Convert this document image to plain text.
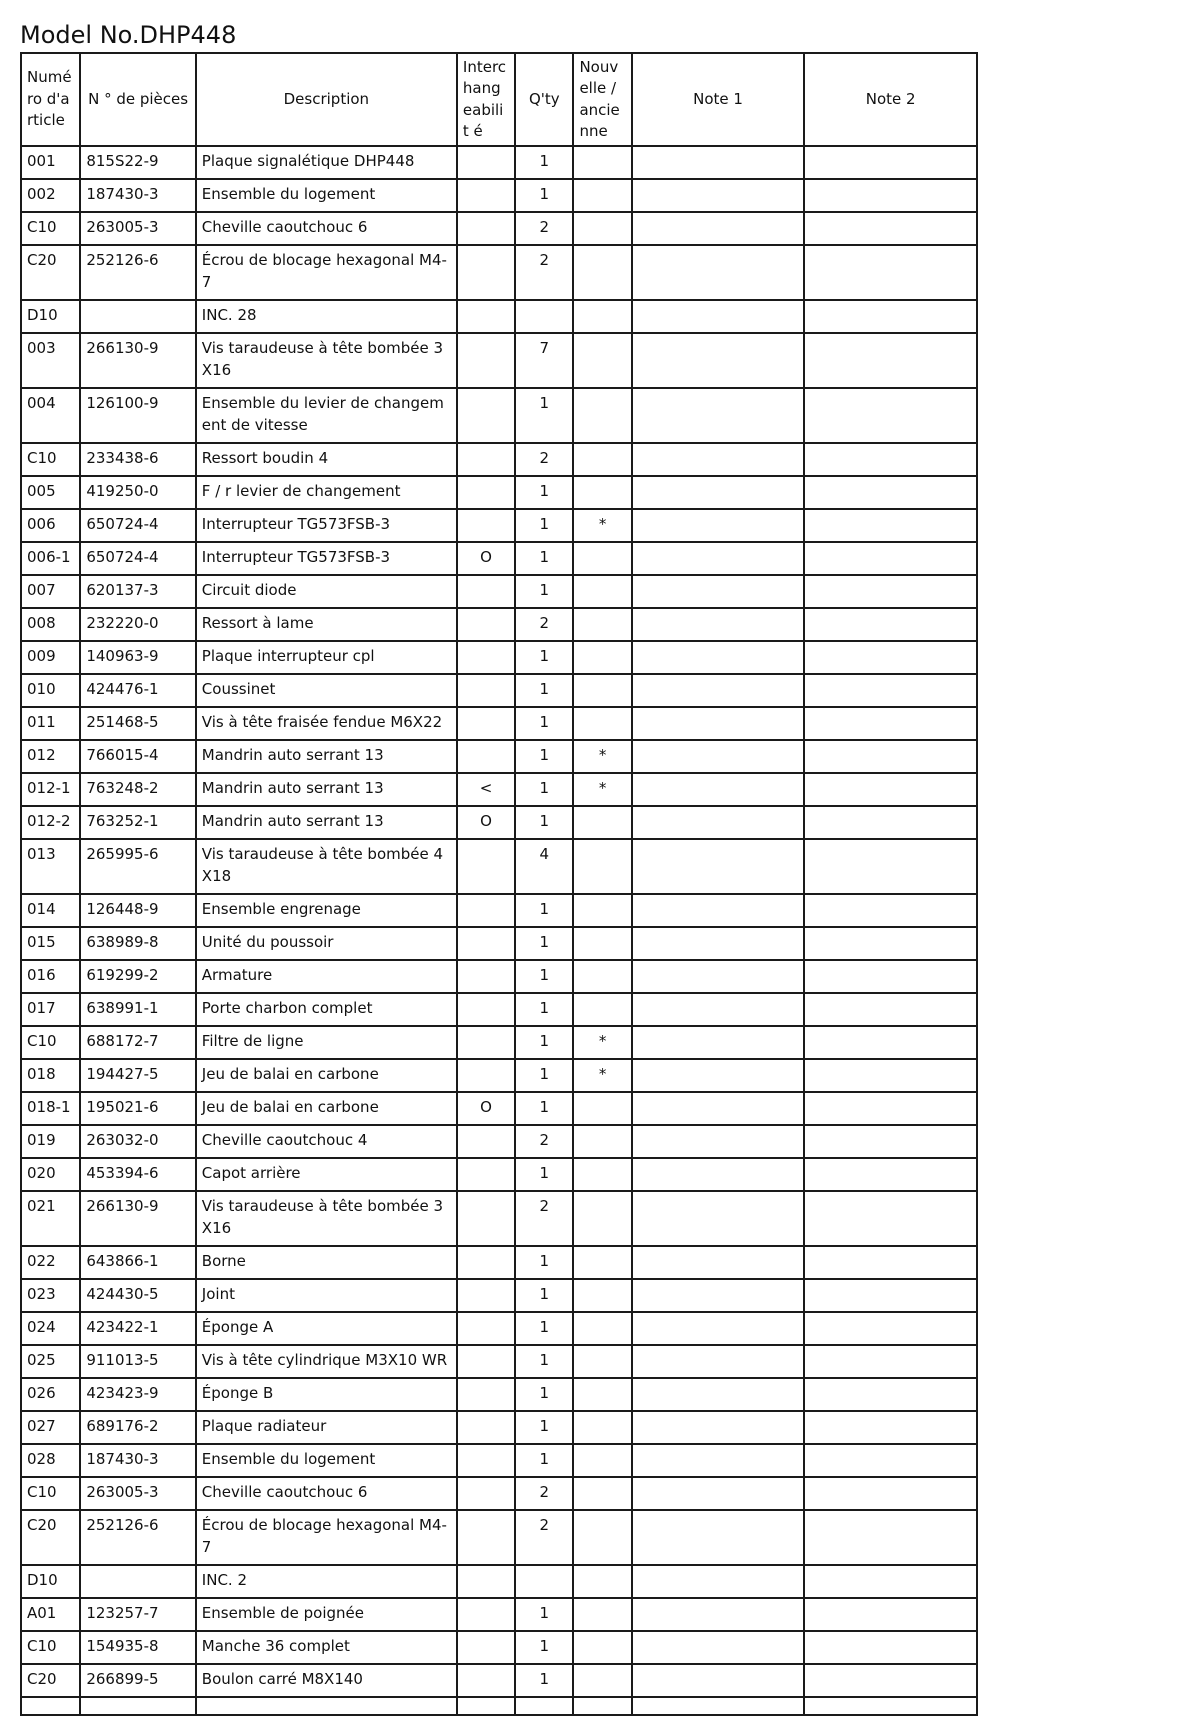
Model No.DHP448
Numé ro d'a rticle	N ° de pièces	Description	Interc hang eabilit é	Q'ty	Nouv elle / ancie nne	Note 1	Note 2
001	815S22-9	Plaque signalétique DHP448		1			
002	187430-3	Ensemble du logement		1			
C10	263005-3	Cheville caoutchouc 6		2			
C20	252126-6	Écrou de blocage hexagonal M4-7		2			
D10		INC. 28					
003	266130-9	Vis taraudeuse à tête bombée 3X16		7			
004	126100-9	Ensemble du levier de changement de vitesse		1			
C10	233438-6	Ressort boudin 4		2			
005	419250-0	F / r levier de changement		1			
006	650724-4	Interrupteur TG573FSB-3		1	*		
006-1	650724-4	Interrupteur TG573FSB-3	O	1			
007	620137-3	Circuit diode		1			
008	232220-0	Ressort à lame		2			
009	140963-9	Plaque interrupteur cpl		1			
010	424476-1	Coussinet		1			
011	251468-5	Vis à tête fraisée fendue M6X22		1			
012	766015-4	Mandrin auto serrant 13		1	*		
012-1	763248-2	Mandrin auto serrant 13	<	1	*		
012-2	763252-1	Mandrin auto serrant 13	O	1			
013	265995-6	Vis taraudeuse à tête bombée 4X18		4			
014	126448-9	Ensemble engrenage		1			
015	638989-8	Unité du poussoir		1			
016	619299-2	Armature		1			
017	638991-1	Porte charbon complet		1			
C10	688172-7	Filtre de ligne		1	*		
018	194427-5	Jeu de balai en carbone		1	*		
018-1	195021-6	Jeu de balai en carbone	O	1			
019	263032-0	Cheville caoutchouc 4		2			
020	453394-6	Capot arrière		1			
021	266130-9	Vis taraudeuse à tête bombée 3X16		2			
022	643866-1	Borne		1			
023	424430-5	Joint		1			
024	423422-1	Éponge A		1			
025	911013-5	Vis à tête cylindrique M3X10 WR		1			
026	423423-9	Éponge B		1			
027	689176-2	Plaque radiateur		1			
028	187430-3	Ensemble du logement		1			
C10	263005-3	Cheville caoutchouc 6		2			
C20	252126-6	Écrou de blocage hexagonal M4-7		2			
D10		INC. 2					
A01	123257-7	Ensemble de poignée		1			
C10	154935-8	Manche 36 complet		1			
C20	266899-5	Boulon carré M8X140		1			
